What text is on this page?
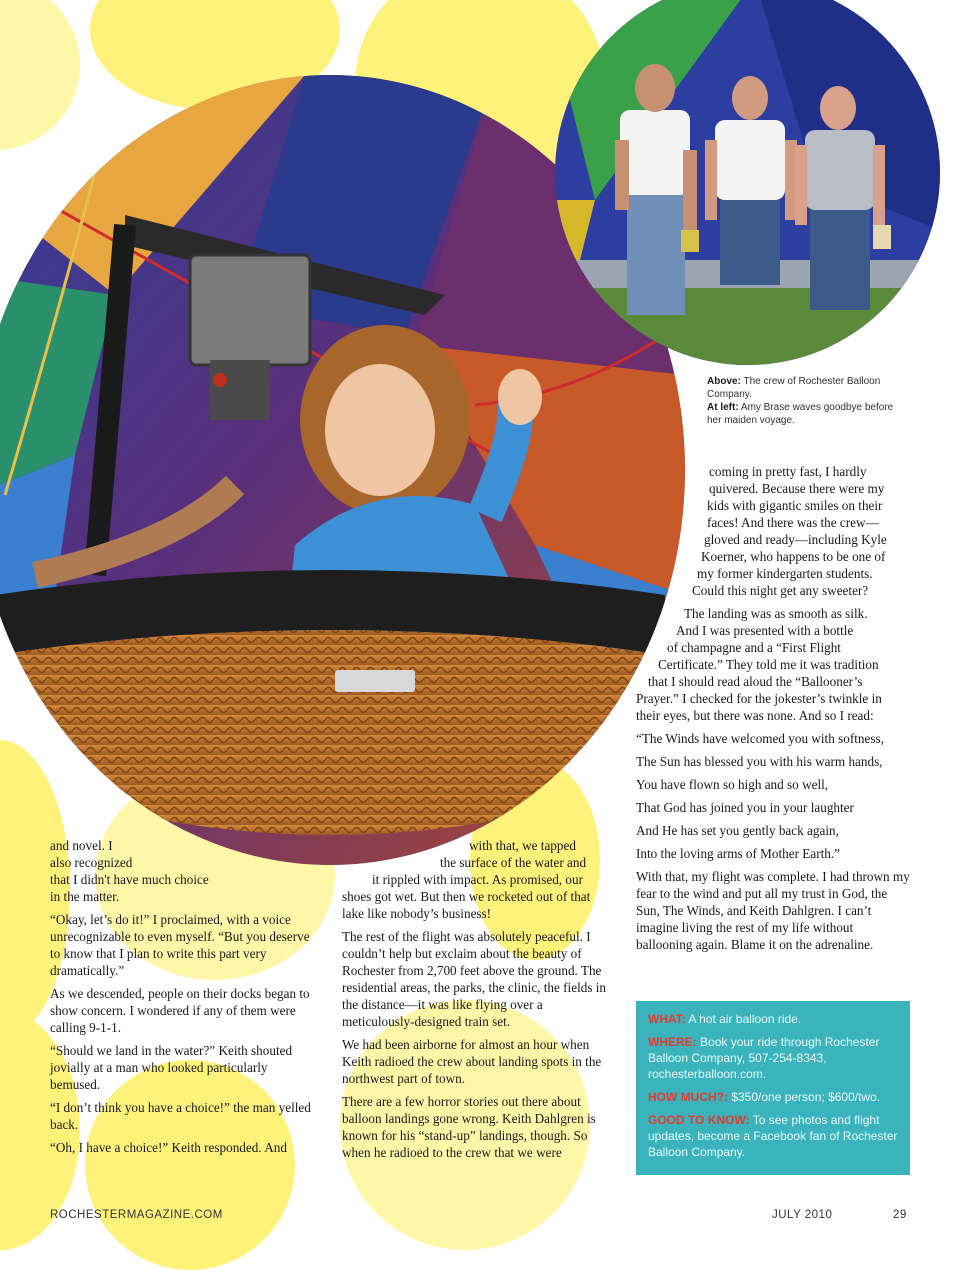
Above: The crew of Rochester Balloon Company.
At left: Amy Brase waves goodbye before her maiden voyage.

and novel. I
also recognized
that I didn't have much choice
in the matter.

“Okay, let’s do it!” I proclaimed, with a voice unrecognizable to even myself. “But you deserve to know that I plan to write this part very dramatically.”

As we descended, people on their docks began to show concern. I wondered if any of them were calling 9-1-1.

“Should we land in the water?” Keith shouted jovially at a man who looked particularly bemused.

“I don’t think you have a choice!” the man yelled back.

“Oh, I have a choice!” Keith responded. And

with that, we tapped
the surface of the water and
it rippled with impact. As promised, our
shoes got wet. But then we rocketed out of that
lake like nobody’s business!

The rest of the flight was absolutely peaceful. I couldn’t help but exclaim about the beauty of Rochester from 2,700 feet above the ground. The residential areas, the parks, the clinic, the fields in the distance—it was like flying over a meticulously-designed train set.

We had been airborne for almost an hour when Keith radioed the crew about landing spots in the northwest part of town.

There are a few horror stories out there about balloon landings gone wrong. Keith Dahlgren is known for his “stand-up” landings, though. So when he radioed to the crew that we were

coming in pretty fast, I hardly
quivered. Because there were my
kids with gigantic smiles on their
faces! And there was the crew—
gloved and ready—including Kyle
Koerner, who happens to be one of
my former kindergarten students.
Could this night get any sweeter?

The landing was as smooth as silk.
And I was presented with a bottle
of champagne and a “First Flight
Certificate.” They told me it was tradition
that I should read aloud the “Ballooner’s
Prayer.” I checked for the jokester’s twinkle in
their eyes, but there was none. And so I read:

“The Winds have welcomed you with softness,

The Sun has blessed you with his warm hands,

You have flown so high and so well,

That God has joined you in your laughter

And He has set you gently back again,

Into the loving arms of Mother Earth.”

With that, my flight was complete. I had thrown my fear to the wind and put all my trust in God, the Sun, The Winds, and Keith Dahlgren. I can’t imagine living the rest of my life without ballooning again. Blame it on the adrenaline.

WHAT: A hot air balloon ride.

WHERE: Book your ride through Rochester Balloon Company, 507-254-8343, rochesterballoon.com.

HOW MUCH?: $350/one person; $600/two.

GOOD TO KNOW: To see photos and flight updates, become a Facebook fan of Rochester Balloon Company.

ROCHESTERMAGAZINE.COM	JULY 2010	29
